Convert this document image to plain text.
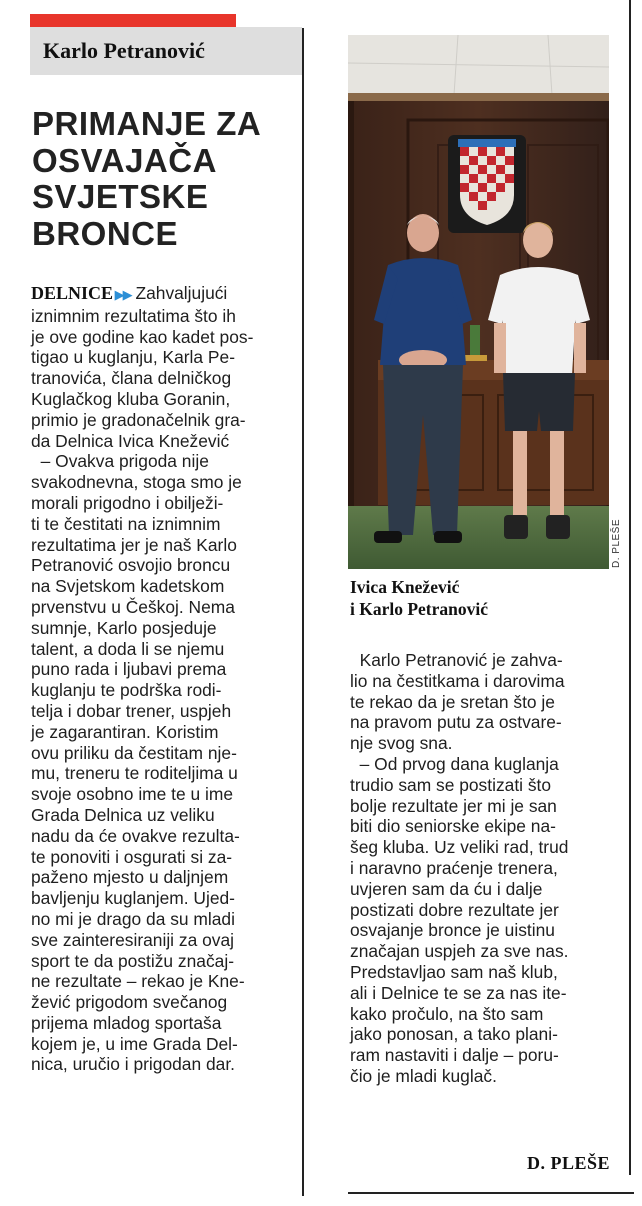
Karlo Petranović
PRIMANJE ZA
OSVAJAČA
SVJETSKE
BRONCE
DELNICE ▶▶ Zahvaljujući
iznimnim rezultatima što ih
je ove godine kao kadet pos-
tigao u kuglanju, Karla Pe-
tranovića, člana delničkog
Kuglačkog kluba Goranin,
primio je gradonačelnik gra-
da Delnica Ivica Knežević
– Ovakva prigoda nije
svakodnevna, stoga smo je
morali prigodno i obilježi-
ti te čestitati na iznimnim
rezultatima jer je naš Karlo
Petranović osvojio broncu
na Svjetskom kadetskom
prvenstvu u Češkoj. Nema
sumnje, Karlo posjeduje
talent, a doda li se njemu
puno rada i ljubavi prema
kuglanju te podrška rodi-
telja i dobar trener, uspjeh
je zagarantiran. Koristim
ovu priliku da čestitam nje-
mu, treneru te roditeljima u
svoje osobno ime te u ime
Grada Delnica uz veliku
nadu da će ovakve rezulta-
te ponoviti i osgurati si za-
paženo mjesto u daljnjem
bavljenju kuglanjem. Ujed-
no mi je drago da su mladi
sve zainteresiraniji za ovaj
sport te da postižu značaj-
ne rezultate – rekao je Kne-
žević prigodom svečanog
prijema mladog sportaša
kojem je, u ime Grada Del-
nica, uručio i prigodan dar.
D. PLEŠE

Ivica Knežević
i Karlo Petranović

Karlo Petranović je zahva-
lio na čestitkama i darovima
te rekao da je sretan što je
na pravom putu za ostvare-
nje svog sna.
– Od prvog dana kuglanja
trudio sam se postizati što
bolje rezultate jer mi je san
biti dio seniorske ekipe na-
šeg kluba. Uz veliki rad, trud
i naravno praćenje trenera,
uvjeren sam da ću i dalje
postizati dobre rezultate jer
osvajanje bronce je uistinu
značajan uspjeh za sve nas.
Predstavljao sam naš klub,
ali i Delnice te se za nas ite-
kako pročulo, na što sam
jako ponosan, a tako plani-
ram nastaviti i dalje – poru-
čio je mladi kuglač.
D. PLEŠE
